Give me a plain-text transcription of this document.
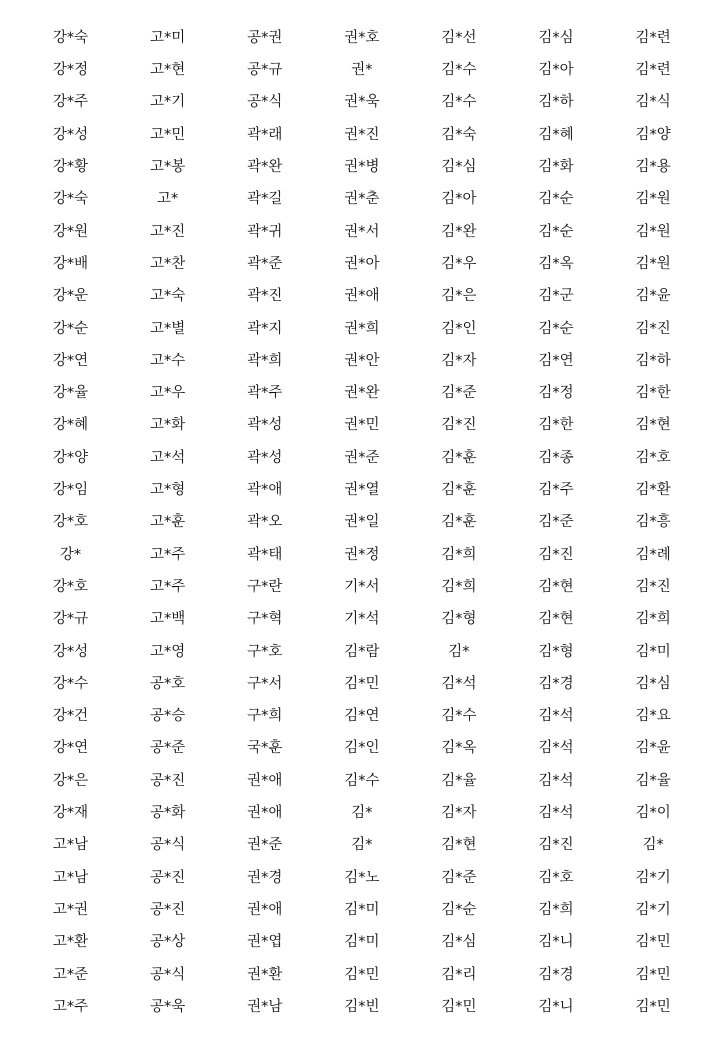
강*숙	고*미	공*권	권*호	김*선	김*심	김*련
강*정	고*현	공*규	권*	김*수	김*아	김*련
강*주	고*기	공*식	권*욱	김*수	김*하	김*식
강*성	고*민	곽*래	권*진	김*숙	김*혜	김*양
강*황	고*봉	곽*완	권*병	김*심	김*화	김*용
강*숙	고*	곽*길	권*춘	김*아	김*순	김*원
강*원	고*진	곽*귀	권*서	김*완	김*순	김*원
강*배	고*찬	곽*준	권*아	김*우	김*옥	김*원
강*운	고*숙	곽*진	권*애	김*은	김*군	김*윤
강*순	고*별	곽*지	권*희	김*인	김*순	김*진
강*연	고*수	곽*희	권*안	김*자	김*연	김*하
강*율	고*우	곽*주	권*완	김*준	김*정	김*한
강*혜	고*화	곽*성	권*민	김*진	김*한	김*현
강*양	고*석	곽*성	권*준	김*훈	김*종	김*호
강*임	고*형	곽*애	권*열	김*훈	김*주	김*환
강*호	고*훈	곽*오	권*일	김*훈	김*준	김*흥
강*	고*주	곽*태	권*정	김*희	김*진	김*례
강*호	고*주	구*란	기*서	김*희	김*현	김*진
강*규	고*백	구*혁	기*석	김*형	김*현	김*희
강*성	고*영	구*호	김*람	김*	김*형	김*미
강*수	공*호	구*서	김*민	김*석	김*경	김*심
강*건	공*승	구*희	김*연	김*수	김*석	김*요
강*연	공*준	국*훈	김*인	김*옥	김*석	김*윤
강*은	공*진	권*애	김*수	김*율	김*석	김*율
강*재	공*화	권*애	김*	김*자	김*석	김*이
고*남	공*식	권*준	김*	김*현	김*진	김*
고*남	공*진	권*경	김*노	김*준	김*호	김*기
고*권	공*진	권*애	김*미	김*순	김*희	김*기
고*환	공*상	권*엽	김*미	김*심	김*니	김*민
고*준	공*식	권*환	김*민	김*리	김*경	김*민
고*주	공*욱	권*남	김*빈	김*민	김*니	김*민
